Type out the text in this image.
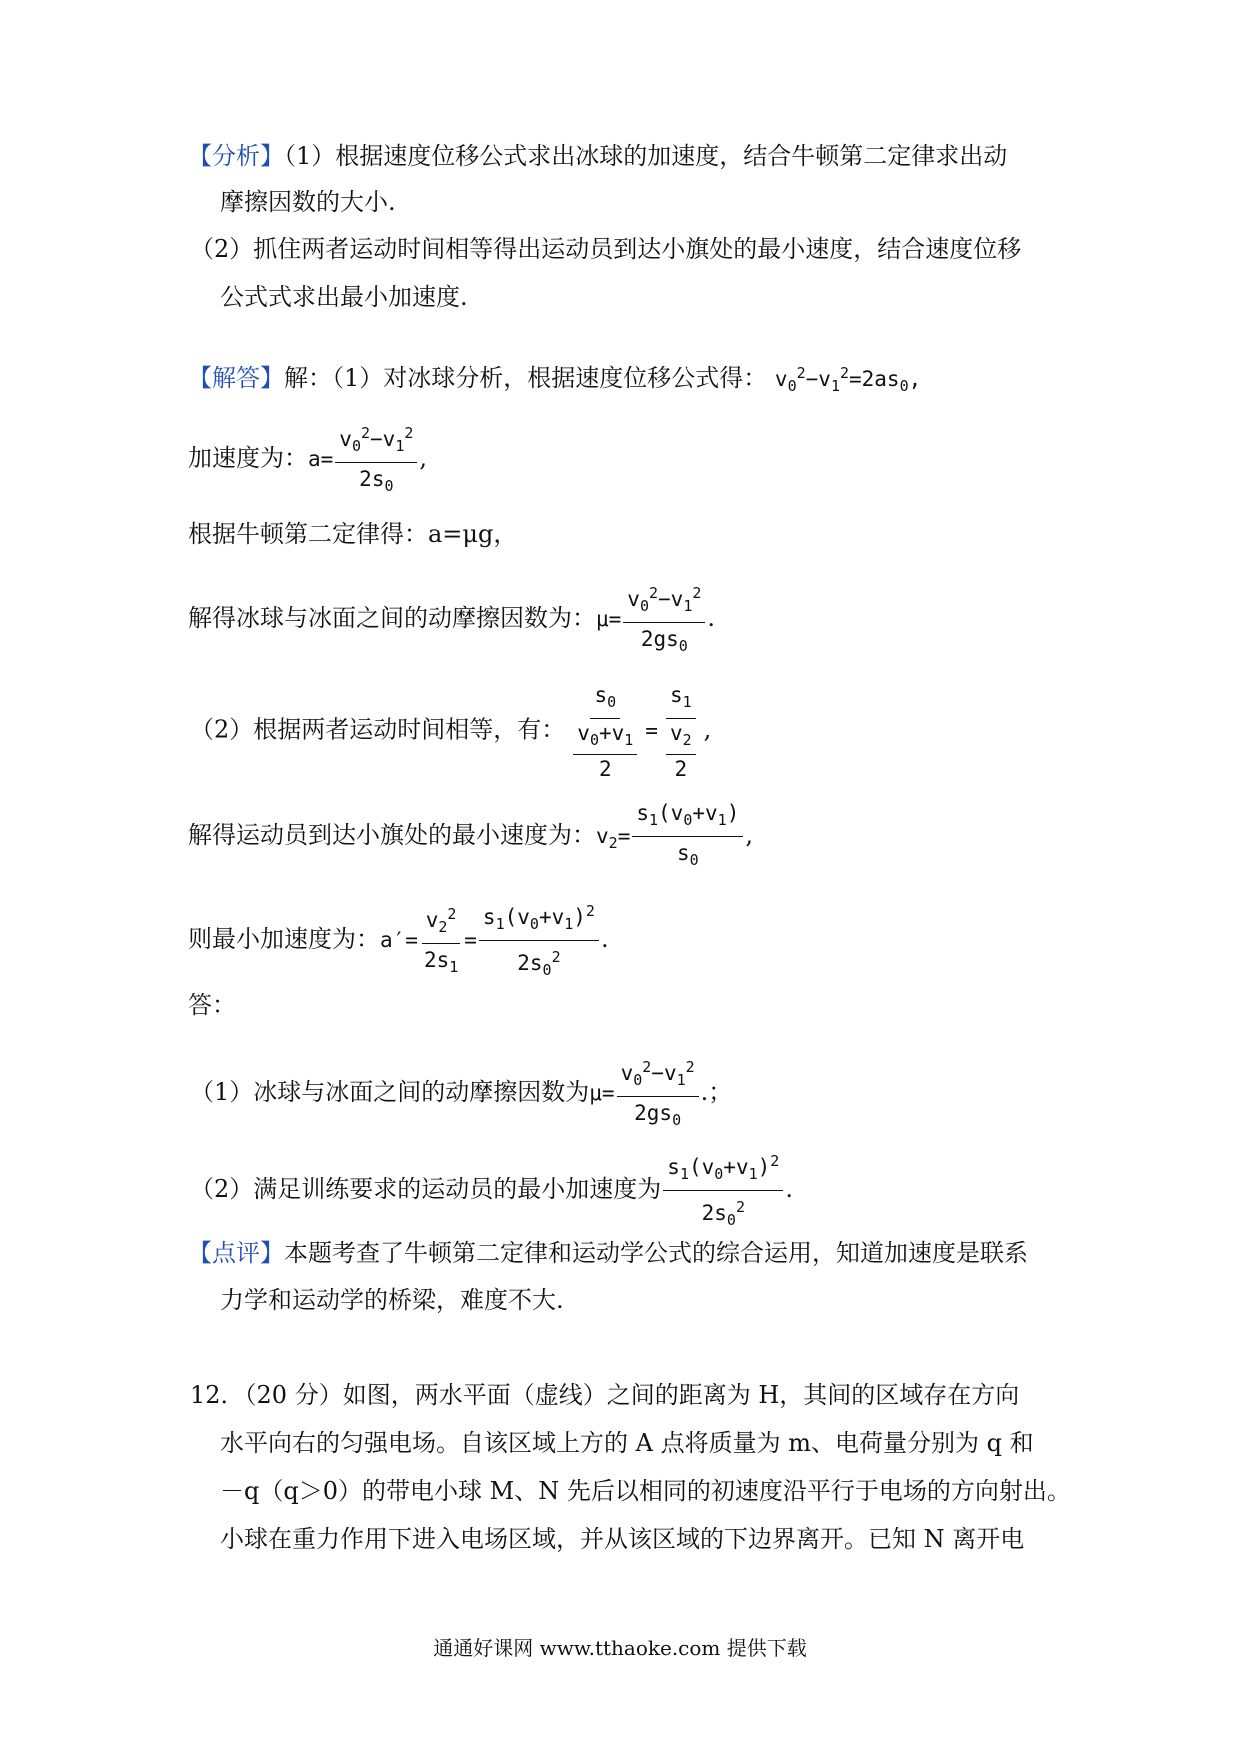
【分析】（1）根据速度位移公式求出冰球的加速度，结合牛顿第二定律求出动
摩擦因数的大小.
（2）抓住两者运动时间相等得出运动员到达小旗处的最小速度，结合速度位移
公式式求出最小加速度.
【解答】解：（1）对冰球分析，根据速度位移公式得： $v_0^2-v_1^2=2as_0$,
加速度为：$a= \frac{v_0^2-v_1^2}{2s_0}$ ,
根据牛顿第二定律得：a=μg，
解得冰球与冰面之间的动摩擦因数为：$\mu= \frac{v_0^2-v_1^2}{2gs_0}$ .
（2）根据两者运动时间相等，有： $\frac{s_0}{\frac{v_0+v_1}{2}} = \frac{s_1}{\frac{v_2}{2}}$ ,
解得运动员到达小旗处的最小速度为：$v_2= \frac{s_1(v_0+v_1)}{s_0}$ ,
则最小加速度为：$a'= \frac{v_2^2}{2s_1} = \frac{s_1(v_0+v_1)^2}{2s_0^2}$ .
答：
（1）冰球与冰面之间的动摩擦因数为$\mu= \frac{v_0^2-v_1^2}{2gs_0}$ .；
（2）满足训练要求的运动员的最小加速度为 $\frac{s_1(v_0+v_1)^2}{2s_0^2}$ .
【点评】本题考查了牛顿第二定律和运动学公式的综合运用，知道加速度是联系
力学和运动学的桥梁，难度不大.
12．（20 分）如图，两水平面（虚线）之间的距离为 H，其间的区域存在方向
水平向右的匀强电场。自该区域上方的 A 点将质量为 m、电荷量分别为 q 和
－q（q＞0）的带电小球 M、N 先后以相同的初速度沿平行于电场的方向射出。
小球在重力作用下进入电场区域，并从该区域的下边界离开。已知 N 离开电
通通好课网 www.tthaoke.com 提供下载
